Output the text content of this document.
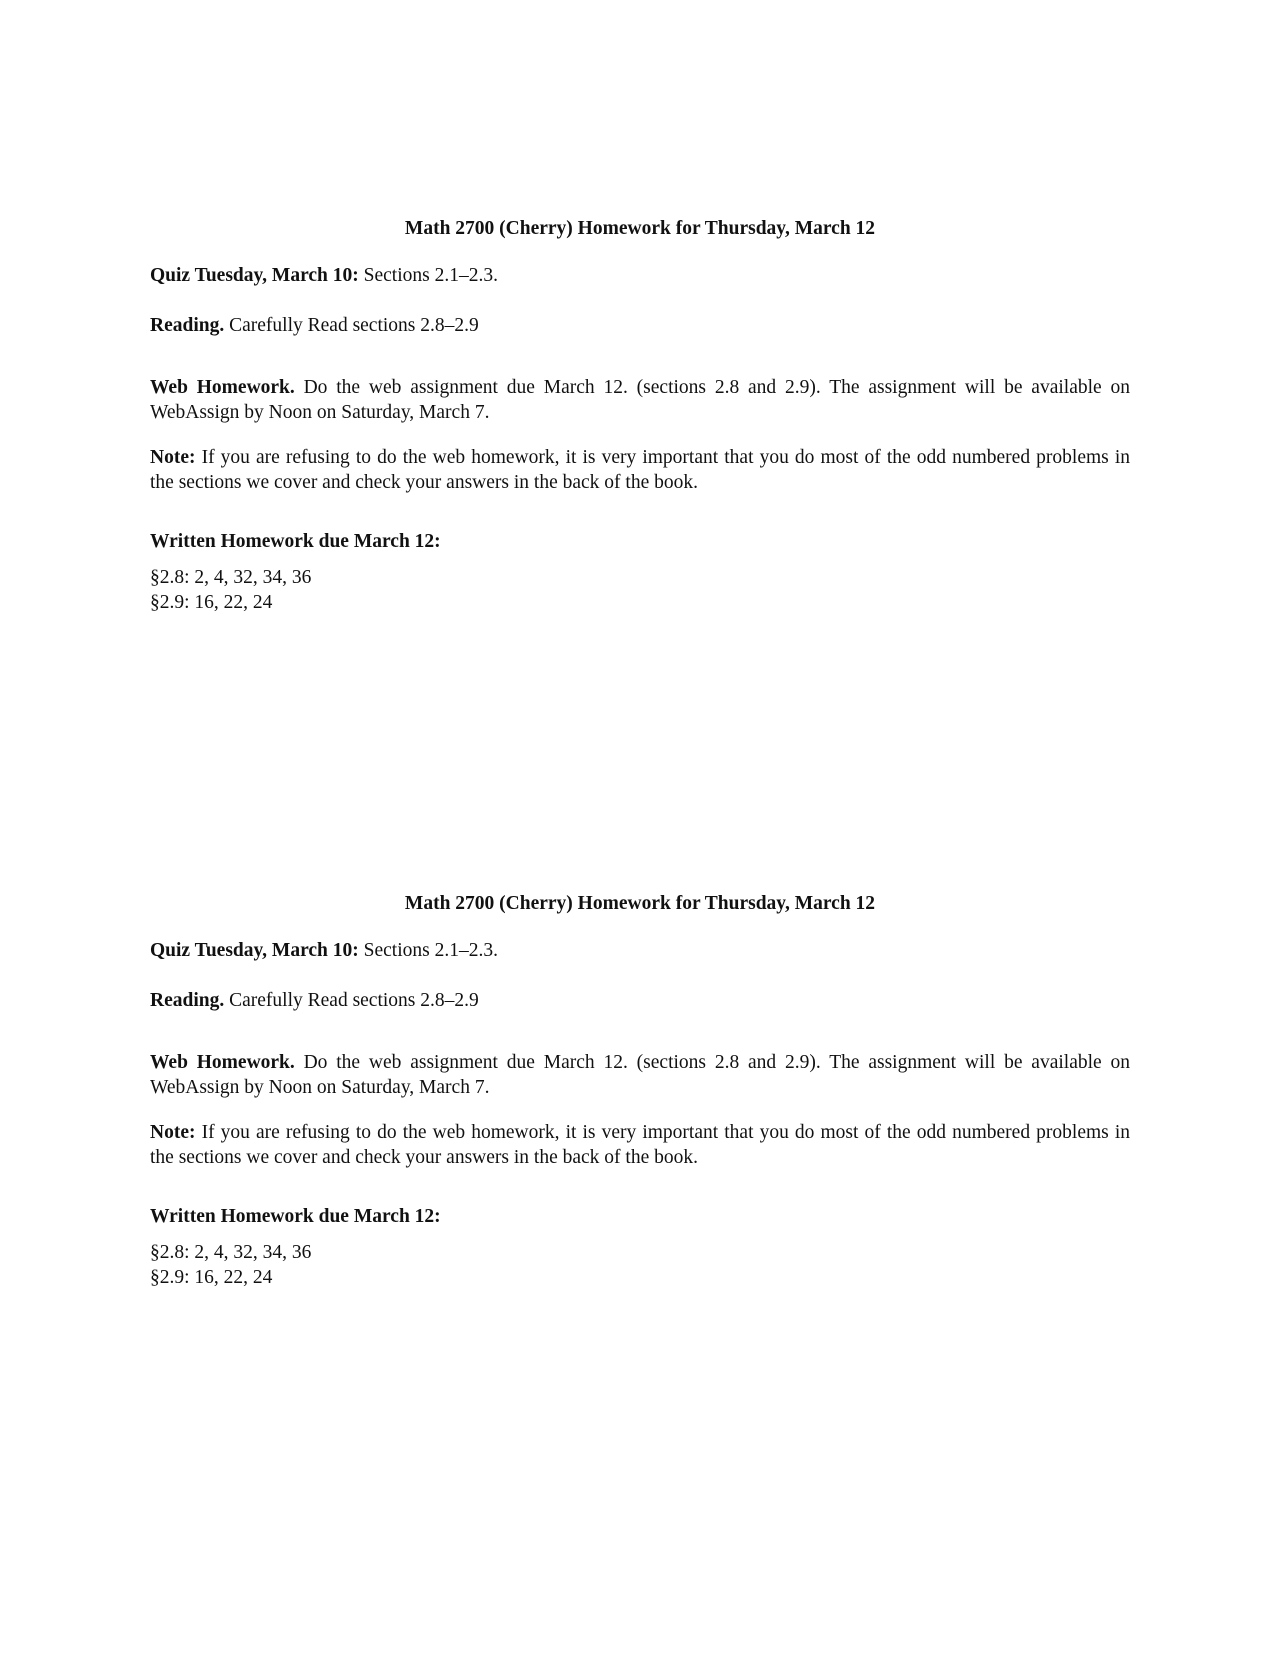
Math 2700 (Cherry) Homework for Thursday, March 12

Quiz Tuesday, March 10: Sections 2.1–2.3.

Reading. Carefully Read sections 2.8–2.9

Web Homework. Do the web assignment due March 12. (sections 2.8 and 2.9). The assignment will be available on WebAssign by Noon on Saturday, March 7.

Note: If you are refusing to do the web homework, it is very important that you do most of the odd numbered problems in the sections we cover and check your answers in the back of the book.

Written Homework due March 12:
§2.8: 2, 4, 32, 34, 36
§2.9: 16, 22, 24
Math 2700 (Cherry) Homework for Thursday, March 12

Quiz Tuesday, March 10: Sections 2.1–2.3.

Reading. Carefully Read sections 2.8–2.9

Web Homework. Do the web assignment due March 12. (sections 2.8 and 2.9). The assignment will be available on WebAssign by Noon on Saturday, March 7.

Note: If you are refusing to do the web homework, it is very important that you do most of the odd numbered problems in the sections we cover and check your answers in the back of the book.

Written Homework due March 12:
§2.8: 2, 4, 32, 34, 36
§2.9: 16, 22, 24
